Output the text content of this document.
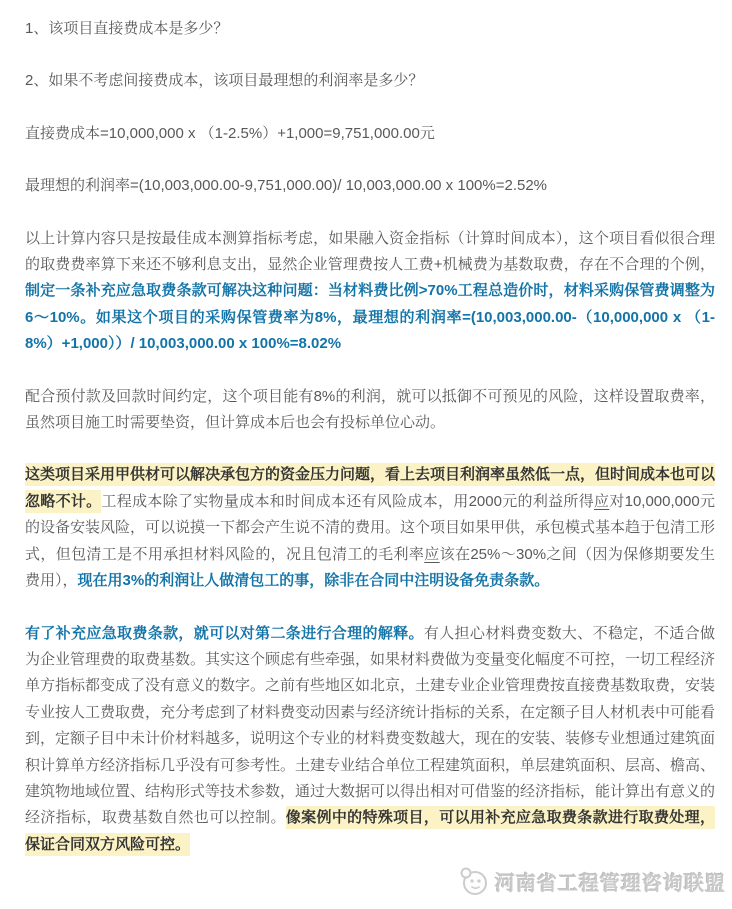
1、该项目直接费成本是多少？

2、如果不考虑间接费成本，该项目最理想的利润率是多少？

直接费成本=10,000,000 x （1-2.5%）+1,000=9,751,000.00元

最理想的利润率=(10,003,000.00-9,751,000.00)/ 10,003,000.00 x 100%=2.52%

以上计算内容只是按最佳成本测算指标考虑，如果融入资金指标（计算时间成本），这个项目看似很合理的取费费率算下来还不够利息支出，显然企业管理费按人工费+机械费为基数取费，存在不合理的个例，制定一条补充应急取费条款可解决这种问题：当材料费比例>70%工程总造价时，材料采购保管费调整为6～10%。如果这个项目的采购保管费率为8%，最理想的利润率=(10,003,000.00-（10,000,000 x （1-8%）+1,000））/ 10,003,000.00 x 100%=8.02%

配合预付款及回款时间约定，这个项目能有8%的利润，就可以抵御不可预见的风险，这样设置取费率，虽然项目施工时需要垫资，但计算成本后也会有投标单位心动。

这类项目采用甲供材可以解决承包方的资金压力问题，看上去项目利润率虽然低一点，但时间成本也可以忽略不计。工程成本除了实物量成本和时间成本还有风险成本，用2000元的利益所得应对10,000,000元的设备安装风险，可以说摸一下都会产生说不清的费用。这个项目如果甲供，承包模式基本趋于包清工形式，但包清工是不用承担材料风险的，况且包清工的毛利率应该在25%～30%之间（因为保修期要发生费用），现在用3%的利润让人做清包工的事，除非在合同中注明设备免责条款。

有了补充应急取费条款，就可以对第二条进行合理的解释。有人担心材料费变数大、不稳定，不适合做为企业管理费的取费基数。其实这个顾虑有些牵强，如果材料费做为变量变化幅度不可控，一切工程经济单方指标都变成了没有意义的数字。之前有些地区如北京，土建专业企业管理费按直接费基数取费，安装专业按人工费取费，充分考虑到了材料费变动因素与经济统计指标的关系，在定额子目人材机表中可能看到，定额子目中未计价材料越多，说明这个专业的材料费变数越大，现在的安装、装修专业想通过建筑面积计算单方经济指标几乎没有可参考性。土建专业结合单位工程建筑面积，单层建筑面积、层高、檐高、建筑物地域位置、结构形式等技术参数，通过大数据可以得出相对可借鉴的经济指标，能计算出有意义的经济指标，取费基数自然也可以控制。像案例中的特殊项目，可以用补充应急取费条款进行取费处理，保证合同双方风险可控。

河南省工程管理咨询联盟
